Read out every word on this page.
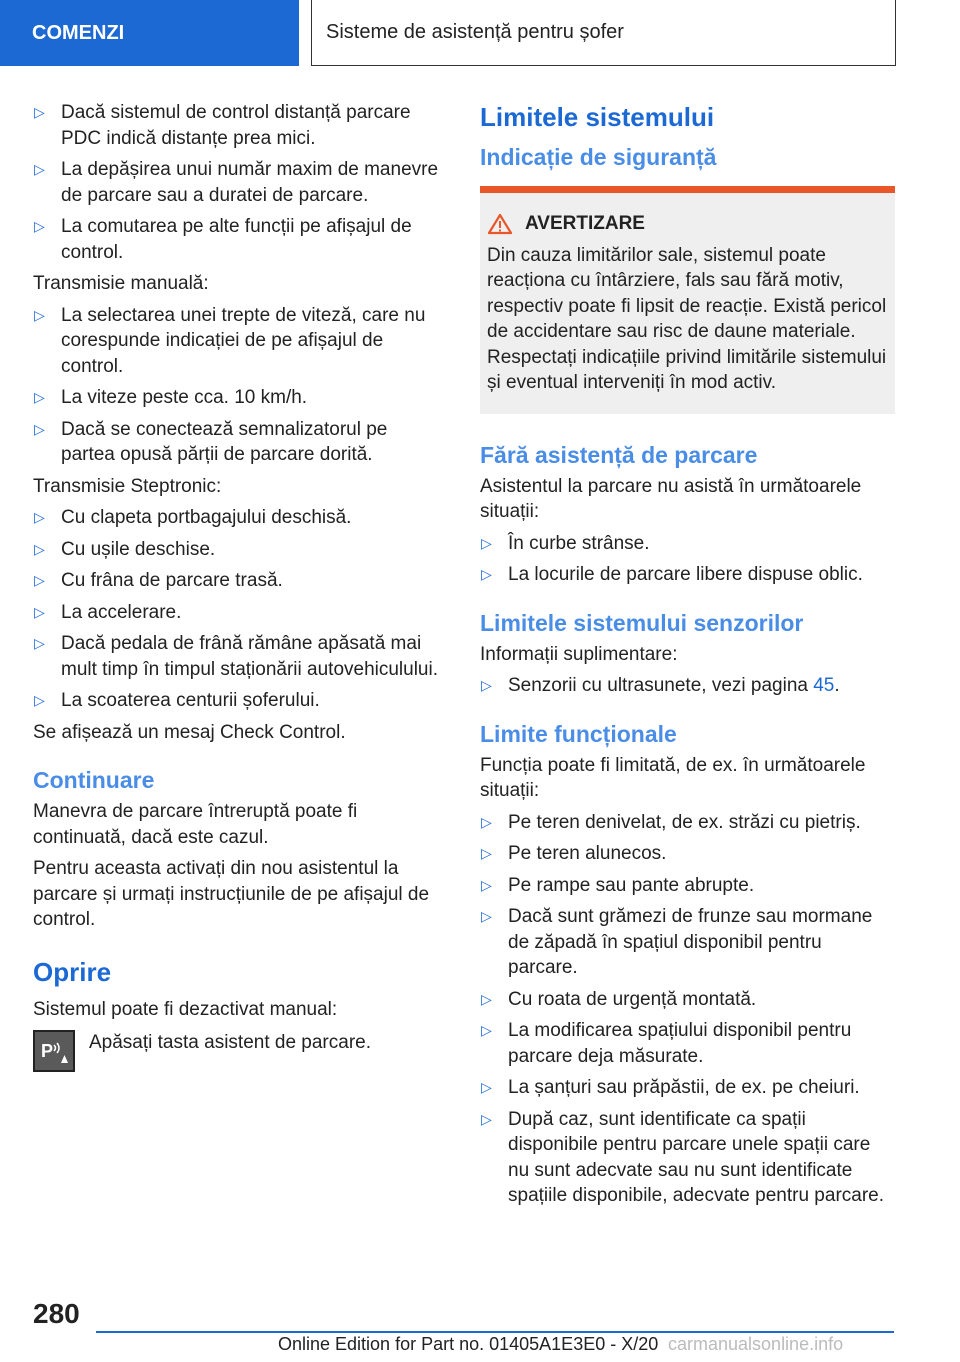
COMENZI	Sisteme de asistență pentru șofer
▷ Dacă sistemul de control distanță parcare PDC indică distanțe prea mici.
▷ La depășirea unui număr maxim de manevre de parcare sau a duratei de parcare.
▷ La comutarea pe alte funcții pe afișajul de control.

Transmisie manuală:

▷ La selectarea unei trepte de viteză, care nu corespunde indicației de pe afișajul de control.
▷ La viteze peste cca. 10 km/h.
▷ Dacă se conectează semnalizatorul pe partea opusă părții de parcare dorită.

Transmisie Steptronic:

▷ Cu clapeta portbagajului deschisă.
▷ Cu ușile deschise.
▷ Cu frâna de parcare trasă.
▷ La accelerare.
▷ Dacă pedala de frână rămâne apăsată mai mult timp în timpul staționării autovehiculului.
▷ La scoaterea centurii șoferului.

Se afișează un mesaj Check Control.

Continuare

Manevra de parcare întreruptă poate fi continuată, dacă este cazul.

Pentru aceasta activați din nou asistentul la parcare și urmați instrucțiunile de pe afișajul de control.

Oprire

Sistemul poate fi dezactivat manual:

P Apăsați tasta asistent de parcare.
Limitele sistemului
Indicație de siguranță
AVERTIZARE

Din cauza limitărilor sale, sistemul poate reacționa cu întârziere, fals sau fără motiv, respectiv poate fi lipsit de reacție. Există pericol de accidentare sau risc de daune materiale. Respectați indicațiile privind limitările sistemului și eventual interveniți în mod activ.

Fără asistență de parcare

Asistentul la parcare nu asistă în următoarele situații:

▷ În curbe strânse.
▷ La locurile de parcare libere dispuse oblic.
Limitele sistemului senzorilor

Informații suplimentare:

▷ Senzorii cu ultrasunete, vezi pagina 45.
Limite funcționale

Funcția poate fi limitată, de ex. în următoarele situații:

▷ Pe teren denivelat, de ex. străzi cu pietriș.
▷ Pe teren alunecos.
▷ Pe rampe sau pante abrupte.
▷ Dacă sunt grămezi de frunze sau mormane de zăpadă în spațiul disponibil pentru parcare.
▷ Cu roata de urgență montată.
▷ La modificarea spațiului disponibil pentru parcare deja măsurate.
▷ La șanțuri sau prăpăstii, de ex. pe cheiuri.
▷ După caz, sunt identificate ca spații disponibile pentru parcare unele spații care nu sunt adecvate sau nu sunt identificate spațiile disponibile, adecvate pentru parcare.
280
Online Edition for Part no. 01405A1E3E0 - X/20 carmanualsonline.info
